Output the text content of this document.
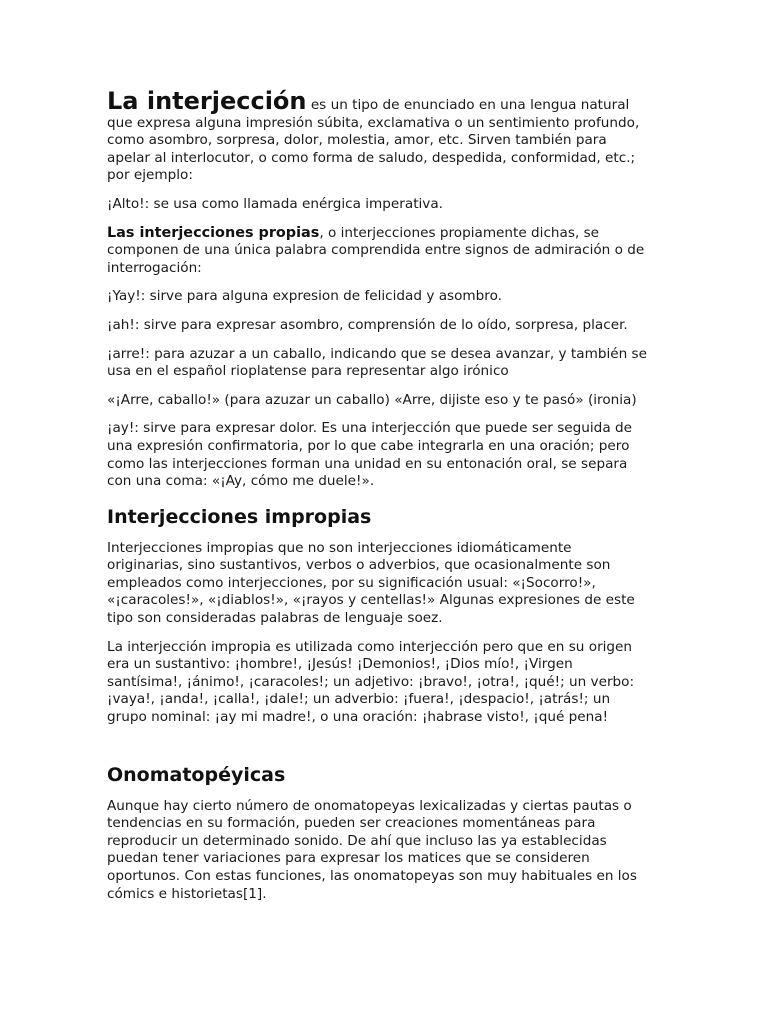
La interjección es un tipo de enunciado en una lengua natural que expresa alguna impresión súbita, exclamativa o un sentimiento profundo, como asombro, sorpresa, dolor, molestia, amor, etc. Sirven también para apelar al interlocutor, o como forma de saludo, despedida, conformidad, etc.; por ejemplo:

¡Alto!: se usa como llamada enérgica imperativa.

Las interjecciones propias, o interjecciones propiamente dichas, se componen de una única palabra comprendida entre signos de admiración o de interrogación:

¡Yay!: sirve para alguna expresion de felicidad y asombro.

¡ah!: sirve para expresar asombro, comprensión de lo oído, sorpresa, placer.

¡arre!: para azuzar a un caballo, indicando que se desea avanzar, y también se usa en el español rioplatense para representar algo irónico

«¡Arre, caballo!» (para azuzar un caballo) «Arre, dijiste eso y te pasó» (ironia)

¡ay!: sirve para expresar dolor. Es una interjección que puede ser seguida de una expresión confirmatoria, por lo que cabe integrarla en una oración; pero como las interjecciones forman una unidad en su entonación oral, se separa con una coma: «¡Ay, cómo me duele!».

Interjecciones impropias

Interjecciones impropias que no son interjecciones idiomáticamente originarias, sino sustantivos, verbos o adverbios, que ocasionalmente son empleados como interjecciones, por su significación usual: «¡Socorro!», «¡caracoles!», «¡diablos!», «¡rayos y centellas!» Algunas expresiones de este tipo son consideradas palabras de lenguaje soez.

La interjección impropia es utilizada como interjección pero que en su origen era un sustantivo: ¡hombre!, ¡Jesús! ¡Demonios!, ¡Dios mío!, ¡Virgen santísima!, ¡ánimo!, ¡caracoles!; un adjetivo: ¡bravo!, ¡otra!, ¡qué!; un verbo: ¡vaya!, ¡anda!, ¡calla!, ¡dale!; un adverbio: ¡fuera!, ¡despacio!, ¡atrás!; un grupo nominal: ¡ay mi madre!, o una oración: ¡habrase visto!, ¡qué pena!

Onomatopéyicas

Aunque hay cierto número de onomatopeyas lexicalizadas y ciertas pautas o tendencias en su formación, pueden ser creaciones momentáneas para reproducir un determinado sonido. De ahí que incluso las ya establecidas puedan tener variaciones para expresar los matices que se consideren oportunos. Con estas funciones, las onomatopeyas son muy habituales en los cómics e historietas[1].
